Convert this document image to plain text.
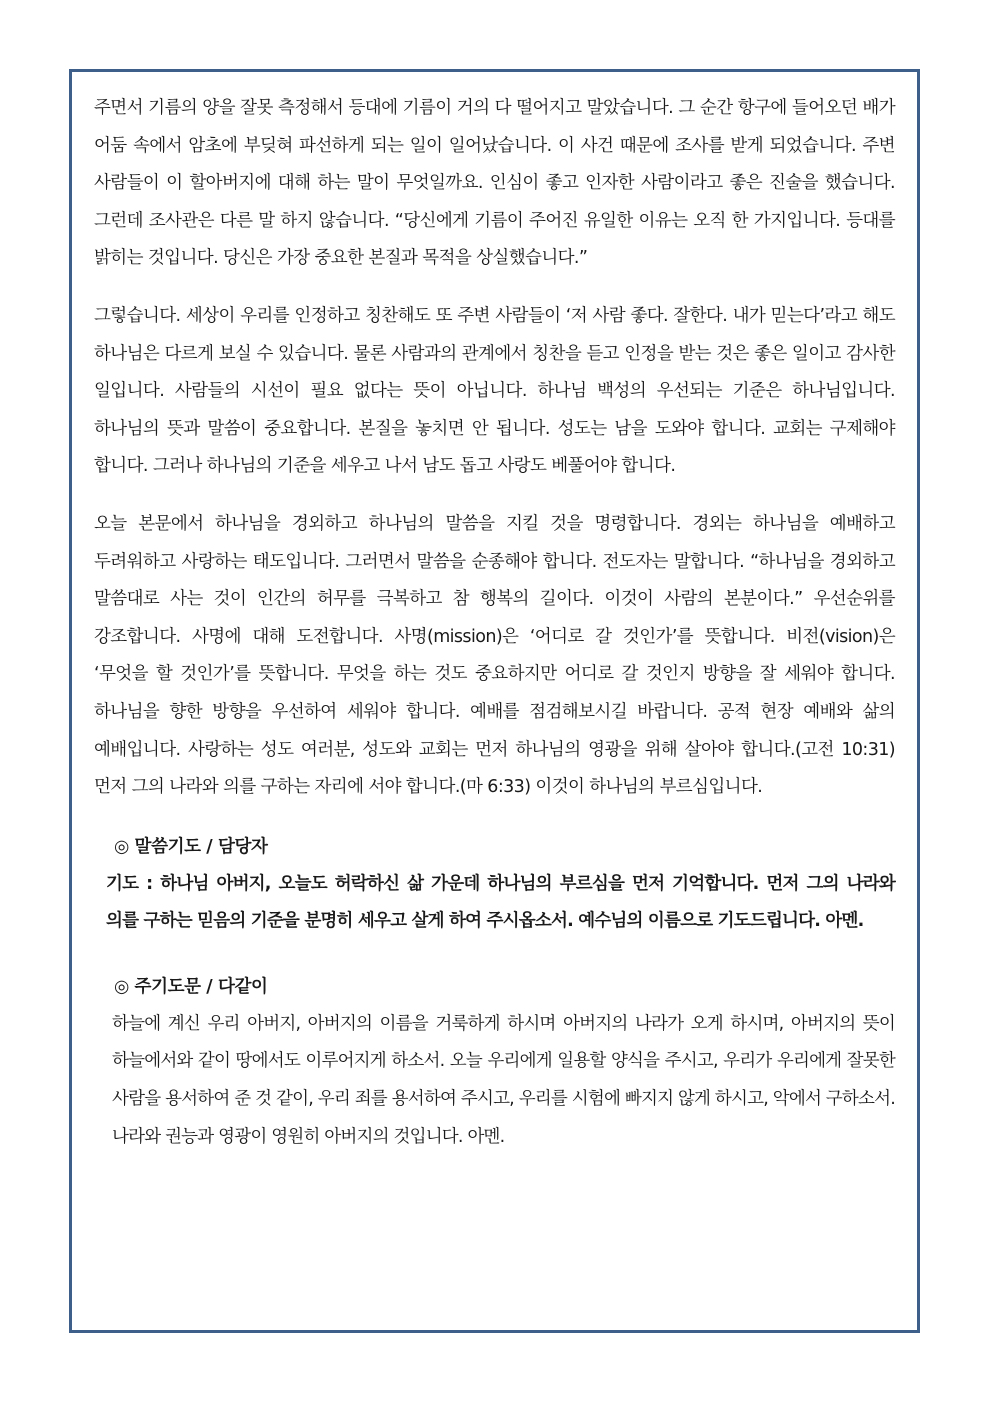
주면서 기름의 양을 잘못 측정해서 등대에 기름이 거의 다 떨어지고 말았습니다. 그 순간 항구에 들어오던 배가 어둠 속에서 암초에 부딪혀 파선하게 되는 일이 일어났습니다. 이 사건 때문에 조사를 받게 되었습니다. 주변 사람들이 이 할아버지에 대해 하는 말이 무엇일까요. 인심이 좋고 인자한 사람이라고 좋은 진술을 했습니다. 그런데 조사관은 다른 말 하지 않습니다. “당신에게 기름이 주어진 유일한 이유는 오직 한 가지입니다. 등대를 밝히는 것입니다. 당신은 가장 중요한 본질과 목적을 상실했습니다.”

그렇습니다. 세상이 우리를 인정하고 칭찬해도 또 주변 사람들이 ‘저 사람 좋다. 잘한다. 내가 믿는다’라고 해도 하나님은 다르게 보실 수 있습니다. 물론 사람과의 관계에서 칭찬을 듣고 인정을 받는 것은 좋은 일이고 감사한 일입니다. 사람들의 시선이 필요 없다는 뜻이 아닙니다. 하나님 백성의 우선되는 기준은 하나님입니다. 하나님의 뜻과 말씀이 중요합니다. 본질을 놓치면 안 됩니다. 성도는 남을 도와야 합니다. 교회는 구제해야 합니다. 그러나 하나님의 기준을 세우고 나서 남도 돕고 사랑도 베풀어야 합니다.

오늘 본문에서 하나님을 경외하고 하나님의 말씀을 지킬 것을 명령합니다. 경외는 하나님을 예배하고 두려워하고 사랑하는 태도입니다. 그러면서 말씀을 순종해야 합니다. 전도자는 말합니다. “하나님을 경외하고 말씀대로 사는 것이 인간의 허무를 극복하고 참 행복의 길이다. 이것이 사람의 본분이다.” 우선순위를 강조합니다. 사명에 대해 도전합니다. 사명(mission)은 ‘어디로 갈 것인가’를 뜻합니다. 비전(vision)은 ‘무엇을 할 것인가’를 뜻합니다. 무엇을 하는 것도 중요하지만 어디로 갈 것인지 방향을 잘 세워야 합니다. 하나님을 향한 방향을 우선하여 세워야 합니다. 예배를 점검해보시길 바랍니다. 공적 현장 예배와 삶의 예배입니다. 사랑하는 성도 여러분, 성도와 교회는 먼저 하나님의 영광을 위해 살아야 합니다.(고전 10:31) 먼저 그의 나라와 의를 구하는 자리에 서야 합니다.(마 6:33) 이것이 하나님의 부르심입니다.

◎ 말씀기도 / 담당자

기도 : 하나님 아버지, 오늘도 허락하신 삶 가운데 하나님의 부르심을 먼저 기억합니다. 먼저 그의 나라와 의를 구하는 믿음의 기준을 분명히 세우고 살게 하여 주시옵소서. 예수님의 이름으로 기도드립니다. 아멘.

◎ 주기도문 / 다같이

하늘에 계신 우리 아버지, 아버지의 이름을 거룩하게 하시며 아버지의 나라가 오게 하시며, 아버지의 뜻이 하늘에서와 같이 땅에서도 이루어지게 하소서. 오늘 우리에게 일용할 양식을 주시고, 우리가 우리에게 잘못한 사람을 용서하여 준 것 같이, 우리 죄를 용서하여 주시고, 우리를 시험에 빠지지 않게 하시고, 악에서 구하소서. 나라와 권능과 영광이 영원히 아버지의 것입니다. 아멘.
